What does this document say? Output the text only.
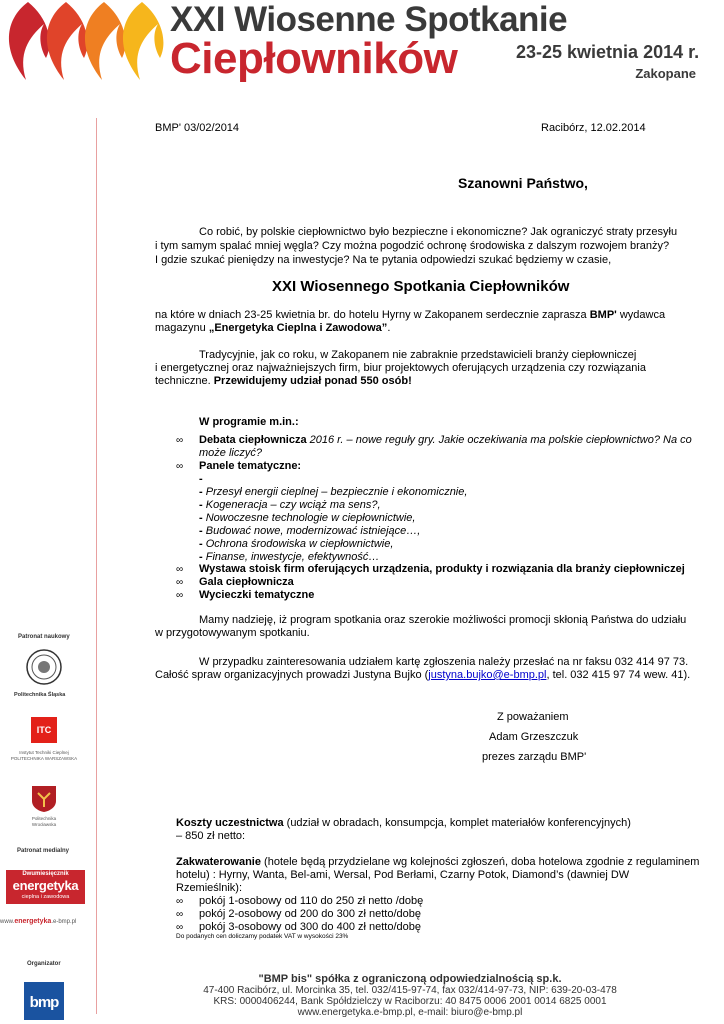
XXI Wiosenne Spotkanie
Ciepłowników	23-25 kwietnia 2014 r.
Zakopane
BMP' 03/02/2014	Racibórz, 12.02.2014
Szanowni Państwo,
Co robić, by polskie ciepłownictwo było bezpieczne i ekonomiczne? Jak ograniczyć straty przesyłu
i tym samym spalać mniej węgla? Czy można pogodzić ochronę środowiska z dalszym rozwojem branży?
I gdzie szukać pieniędzy na inwestycje? Na te pytania odpowiedzi szukać będziemy w czasie,
XXI Wiosennego Spotkania Ciepłowników
na które w dniach 23-25 kwietnia br. do hotelu Hyrny w Zakopanem serdecznie zaprasza BMP' wydawca
magazynu „Energetyka Cieplna i Zawodowa”.
Tradycyjnie, jak co roku, w Zakopanem nie zabraknie przedstawicieli branży ciepłowniczej
i energetycznej oraz najważniejszych firm, biur projektowych oferujących urządzenia czy rozwiązania
techniczne. Przewidujemy udział ponad 550 osób!
W programie m.in.:
∞ Debata ciepłownicza 2016 r. – nowe reguły gry. Jakie oczekiwania ma polskie ciepłownictwo? Na co
może liczyć?
∞ Panele tematyczne:
-
- Przesył energii cieplnej – bezpiecznie i ekonomicznie,
- Kogeneracja – czy wciąż ma sens?,
- Nowoczesne technologie w ciepłownictwie,
- Budować nowe, modernizować istniejące…,
- Ochrona środowiska w ciepłownictwie,
- Finanse, inwestycje, efektywność…
∞ Wystawa stoisk firm oferujących urządzenia, produkty i rozwiązania dla branży ciepłowniczej
∞ Gala ciepłownicza
∞ Wycieczki tematyczne
Mamy nadzieję, iż program spotkania oraz szerokie możliwości promocji skłonią Państwa do udziału
w przygotowywanym spotkaniu.
W przypadku zainteresowania udziałem kartę zgłoszenia należy przesłać na nr faksu 032 414 97 73.
Całość spraw organizacyjnych prowadzi Justyna Bujko (justyna.bujko@e-bmp.pl, tel. 032 415 97 74 wew. 41).
Z poważaniem
Adam Grzeszczuk
prezes zarządu BMP'
Koszty uczestnictwa (udział w obradach, konsumpcja, komplet materiałów konferencyjnych)
– 850 zł netto:
Zakwaterowanie (hotele będą przydzielane wg kolejności zgłoszeń, doba hotelowa zgodnie z regulaminem
hotelu) : Hyrny, Wanta, Bel-ami, Wersal, Pod Berłami, Czarny Potok, Diamond’s (dawniej DW
Rzemieślnik):
∞ pokój 1-osobowy od 110 do 250 zł netto /dobę
∞ pokój 2-osobowy od 200 do 300 zł netto/dobę
∞ pokój 3-osobowy od 300 do 400 zł netto/dobę
Do podanych cen doliczamy podatek VAT w wysokości 23%
Patronat naukowy
Politechnika Śląska
ITC
Instytut Techniki Cieplnej
POLITECHNIKA WARSZAWSKA
Politechnika
Wrocławska
Patronat medialny
Dwumiesięcznik
energetyka
cieplna i zawodowa
www.energetyka.e-bmp.pl
Organizator
bmp
"BMP bis" spółka z ograniczoną odpowiedzialnością sp.k.
47-400 Racibórz, ul. Morcinka 35, tel. 032/415-97-74, fax 032/414-97-73, NIP: 639-20-03-478
KRS: 0000406244, Bank Spółdzielczy w Raciborzu: 40 8475 0006 2001 0014 6825 0001
www.energetyka.e-bmp.pl, e-mail: biuro@e-bmp.pl
